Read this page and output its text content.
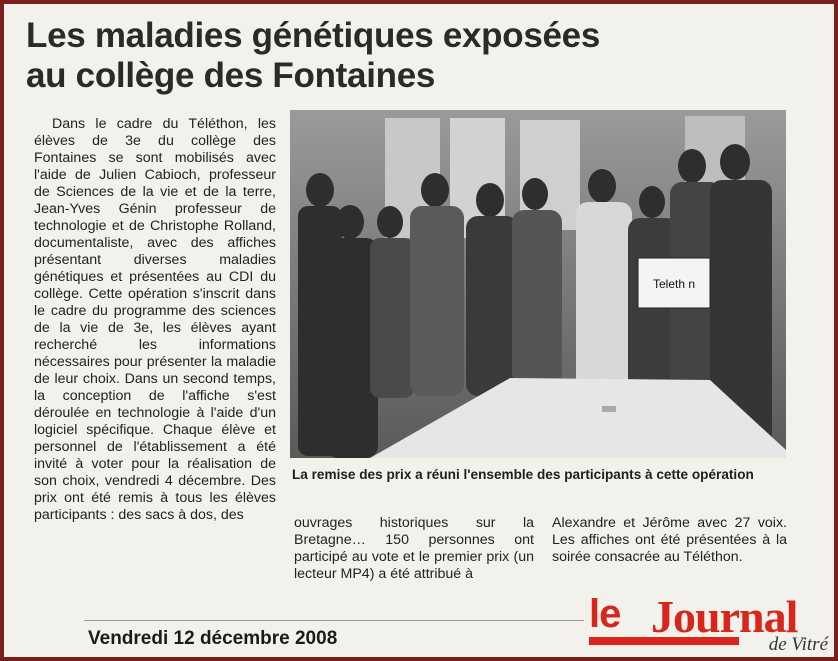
Les maladies génétiques exposées
au collège des Fontaines

Dans le cadre du Téléthon, les élèves de 3e du collège des Fontaines se sont mobilisés avec l'aide de Julien Cabioch, professeur de Sciences de la vie et de la terre, Jean-Yves Génin professeur de technologie et de Christophe Rolland, documentaliste, avec des affiches présentant diverses maladies génétiques et présentées au CDI du collège. Cette opération s'inscrit dans le cadre du programme des sciences de la vie de 3e, les élèves ayant recherché les informations nécessaires pour présenter la maladie de leur choix. Dans un second temps, la conception de l'affiche s'est déroulée en technologie à l'aide d'un logiciel spécifique. Chaque élève et personnel de l'établissement a été invité à voter pour la réalisation de son choix, vendredi 4 décembre. Des prix ont été remis à tous les élèves participants : des sacs à dos, des

Teleth n
La remise des prix a réuni l'ensemble des participants à cette opération

ouvrages historiques sur la Bretagne… 150 personnes ont participé au vote et le premier prix (un lecteur MP4) a été attribué à

Alexandre et Jérôme avec 27 voix. Les affiches ont été présentées à la soirée consacrée au Téléthon.

Vendredi 12 décembre 2008
le Journal
de Vitré
